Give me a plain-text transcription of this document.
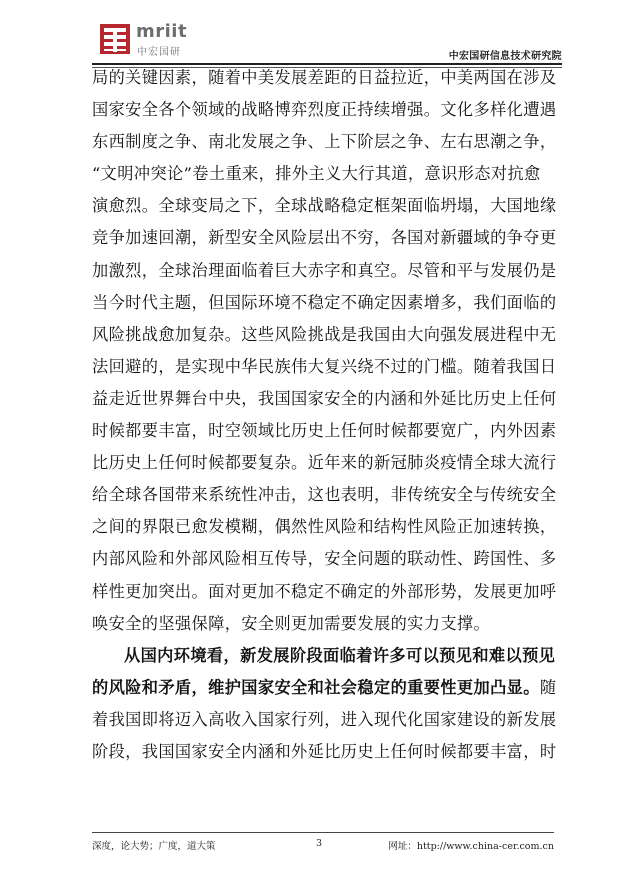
mriit
中宏国研	中宏国研信息技术研究院
局的关键因素，随着中美发展差距的日益拉近，中美两国在涉及
国家安全各个领域的战略博弈烈度正持续增强。文化多样化遭遇
东西制度之争、南北发展之争、上下阶层之争、左右思潮之争，
“文明冲突论”卷土重来，排外主义大行其道，意识形态对抗愈
演愈烈。全球变局之下，全球战略稳定框架面临坍塌，大国地缘
竞争加速回潮，新型安全风险层出不穷，各国对新疆域的争夺更
加激烈，全球治理面临着巨大赤字和真空。尽管和平与发展仍是
当今时代主题，但国际环境不稳定不确定因素增多，我们面临的
风险挑战愈加复杂。这些风险挑战是我国由大向强发展进程中无
法回避的，是实现中华民族伟大复兴绕不过的门槛。随着我国日
益走近世界舞台中央，我国国家安全的内涵和外延比历史上任何
时候都要丰富，时空领域比历史上任何时候都要宽广，内外因素
比历史上任何时候都要复杂。近年来的新冠肺炎疫情全球大流行
给全球各国带来系统性冲击，这也表明，非传统安全与传统安全
之间的界限已愈发模糊，偶然性风险和结构性风险正加速转换，
内部风险和外部风险相互传导，安全问题的联动性、跨国性、多
样性更加突出。面对更加不稳定不确定的外部形势，发展更加呼
唤安全的坚强保障，安全则更加需要发展的实力支撑。
从国内环境看，新发展阶段面临着许多可以预见和难以预见
的风险和矛盾，维护国家安全和社会稳定的重要性更加凸显。随
着我国即将迈入高收入国家行列，进入现代化国家建设的新发展
阶段，我国国家安全内涵和外延比历史上任何时候都要丰富，时
深度，论大势；广度，道大策	3	网址：http://www.china-cer.com.cn
